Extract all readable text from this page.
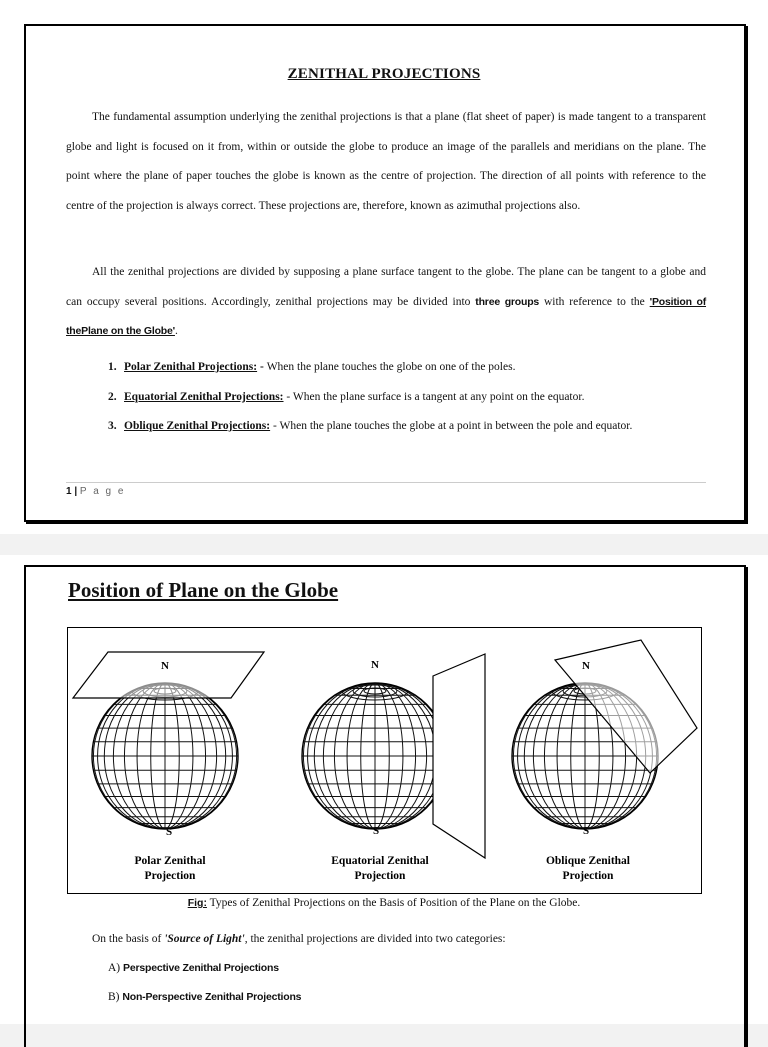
ZENITHAL PROJECTIONS
The fundamental assumption underlying the zenithal projections is that a plane (flat sheet of paper) is made tangent to a transparent globe and light is focused on it from, within or outside the globe to produce an image of the parallels and meridians on the plane. The point where the plane of paper touches the globe is known as the centre of projection. The direction of all points with reference to the centre of the projection is always correct. These projections are, therefore, known as azimuthal projections also.
All the zenithal projections are divided by supposing a plane surface tangent to the globe. The plane can be tangent to a globe and can occupy several positions. Accordingly, zenithal projections may be divided into three groups with reference to the 'Position of thePlane on the Globe'.
1. Polar Zenithal Projections: - When the plane touches the globe on one of the poles.
2. Equatorial Zenithal Projections: - When the plane surface is a tangent at any point on the equator.
3. Oblique Zenithal Projections: - When the plane touches the globe at a point in between the pole and equator.
1 | P a g e
Position of Plane on the Globe
N
S
Polar Zenithal
Projection
N
S
Equatorial Zenithal
Projection
N
S
Oblique Zenithal
Projection
Fig: Types of Zenithal Projections on the Basis of Position of the Plane on the Globe.
On the basis of 'Source of Light', the zenithal projections are divided into two categories:
A) Perspective Zenithal Projections
B) Non-Perspective Zenithal Projections
